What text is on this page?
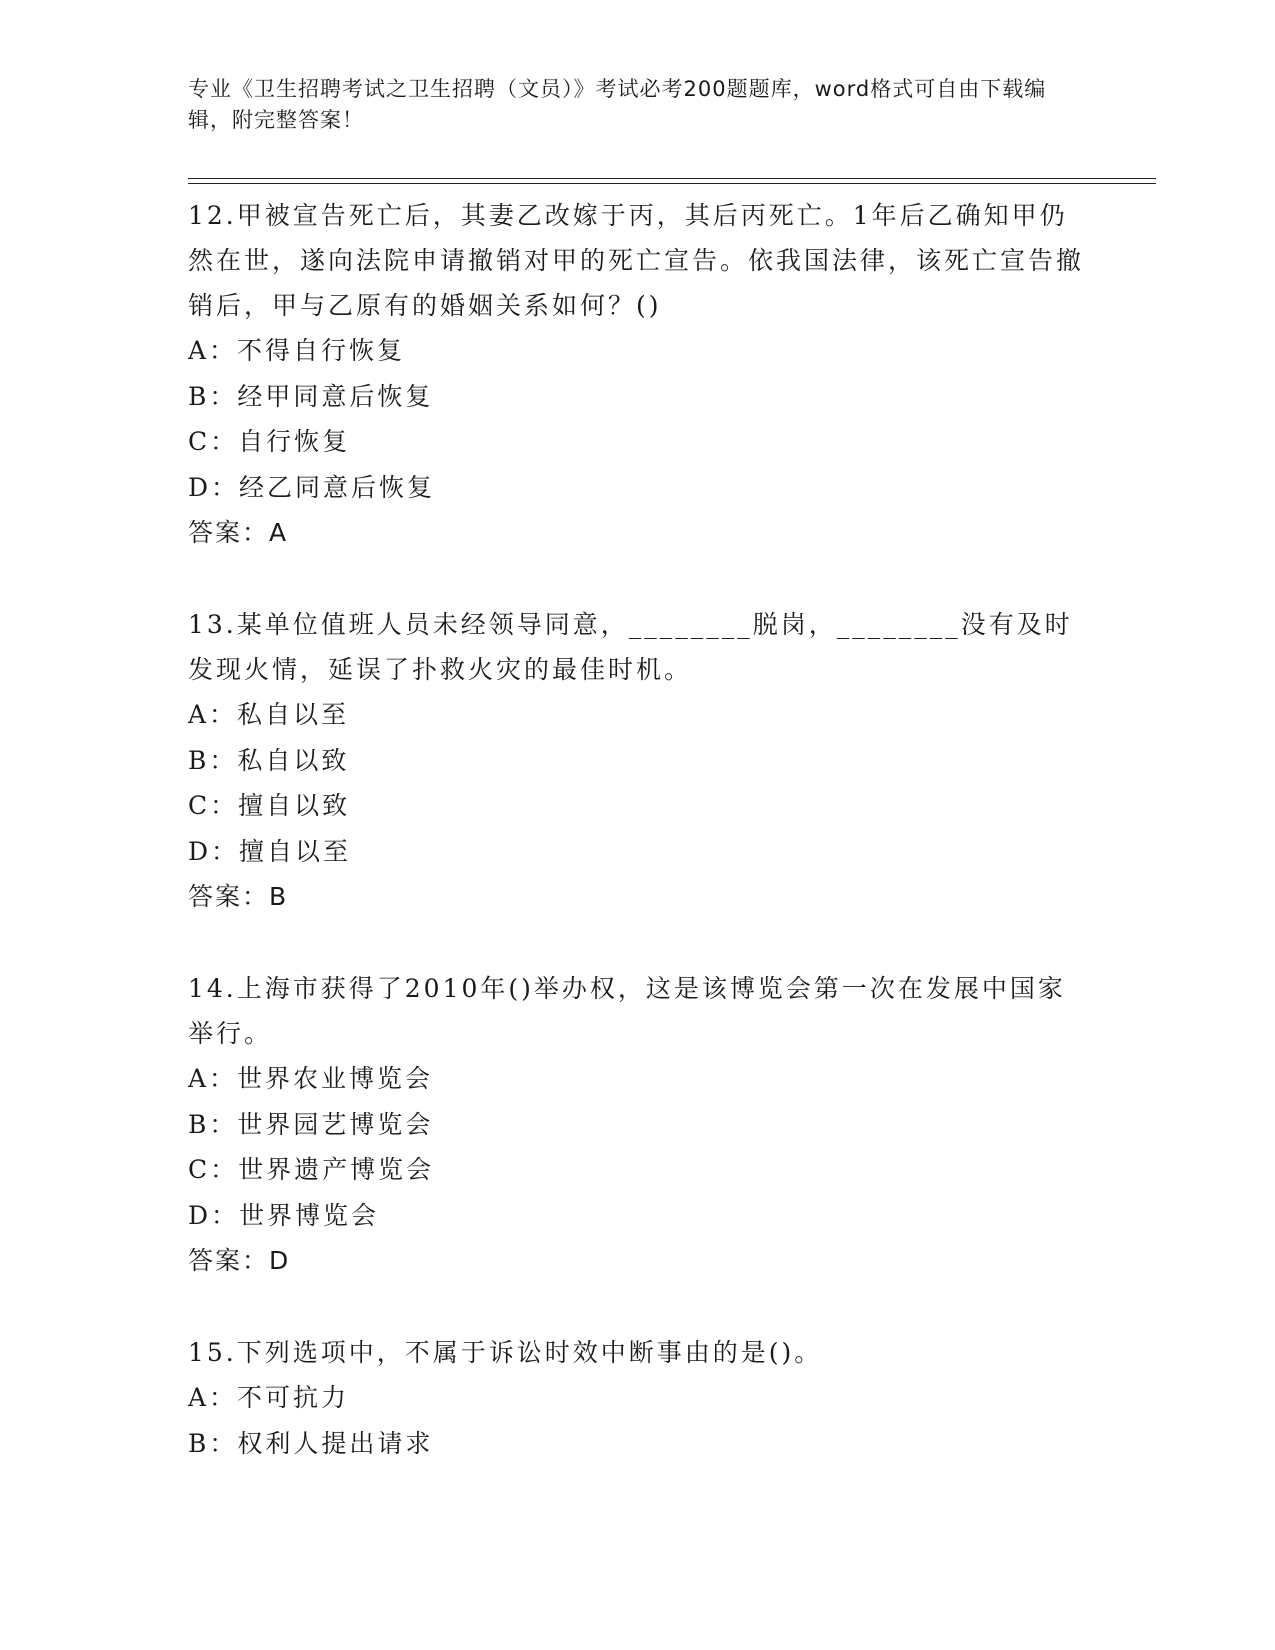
专业《卫生招聘考试之卫生招聘（文员）》考试必考200题题库，word格式可自由下载编辑，附完整答案！

12.甲被宣告死亡后，其妻乙改嫁于丙，其后丙死亡。1年后乙确知甲仍然在世，遂向法院申请撤销对甲的死亡宣告。依我国法律，该死亡宣告撤销后，甲与乙原有的婚姻关系如何？()

A：不得自行恢复

B：经甲同意后恢复

C：自行恢复

D：经乙同意后恢复

答案：A

13.某单位值班人员未经领导同意，________脱岗，________没有及时发现火情，延误了扑救火灾的最佳时机。

A：私自以至

B：私自以致

C：擅自以致

D：擅自以至

答案：B

14.上海市获得了2010年()举办权，这是该博览会第一次在发展中国家举行。

A：世界农业博览会

B：世界园艺博览会

C：世界遗产博览会

D：世界博览会

答案：D

15.下列选项中，不属于诉讼时效中断事由的是()。

A：不可抗力

B：权利人提出请求
